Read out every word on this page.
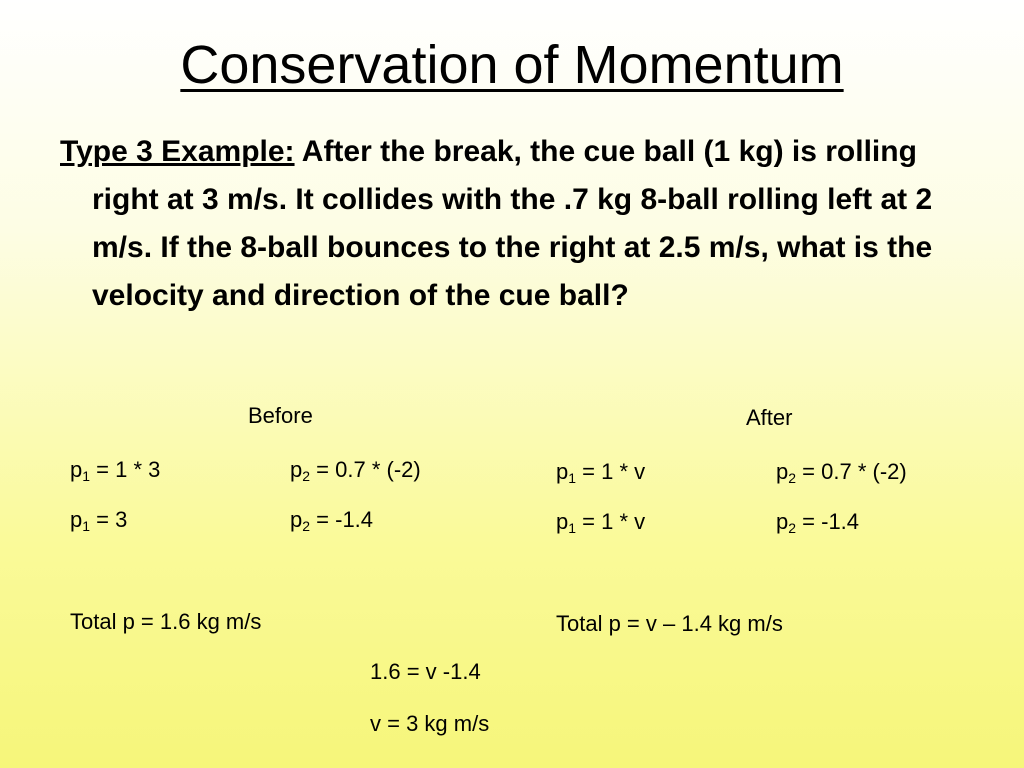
Conservation of Momentum
Type 3 Example: After the break, the cue ball (1 kg) is rolling right at 3 m/s. It collides with the .7 kg 8-ball rolling left at 2 m/s. If the 8-ball bounces to the right at 2.5 m/s, what is the velocity and direction of the cue ball?
Before
$p_1 = 1 * 3$	$p_2 = 0.7 * (-2)$
$p_1 = 3$	$p_2 = -1.4$
Total p = 1.6 kg m/s
After
$p_1 = 1 * v$	$p_2 = 0.7 * (-2)$
$p_1 = 1 * v$	$p_2 = -1.4$
Total p = v – 1.4 kg m/s
1.6 = v -1.4
v = 3 kg m/s
